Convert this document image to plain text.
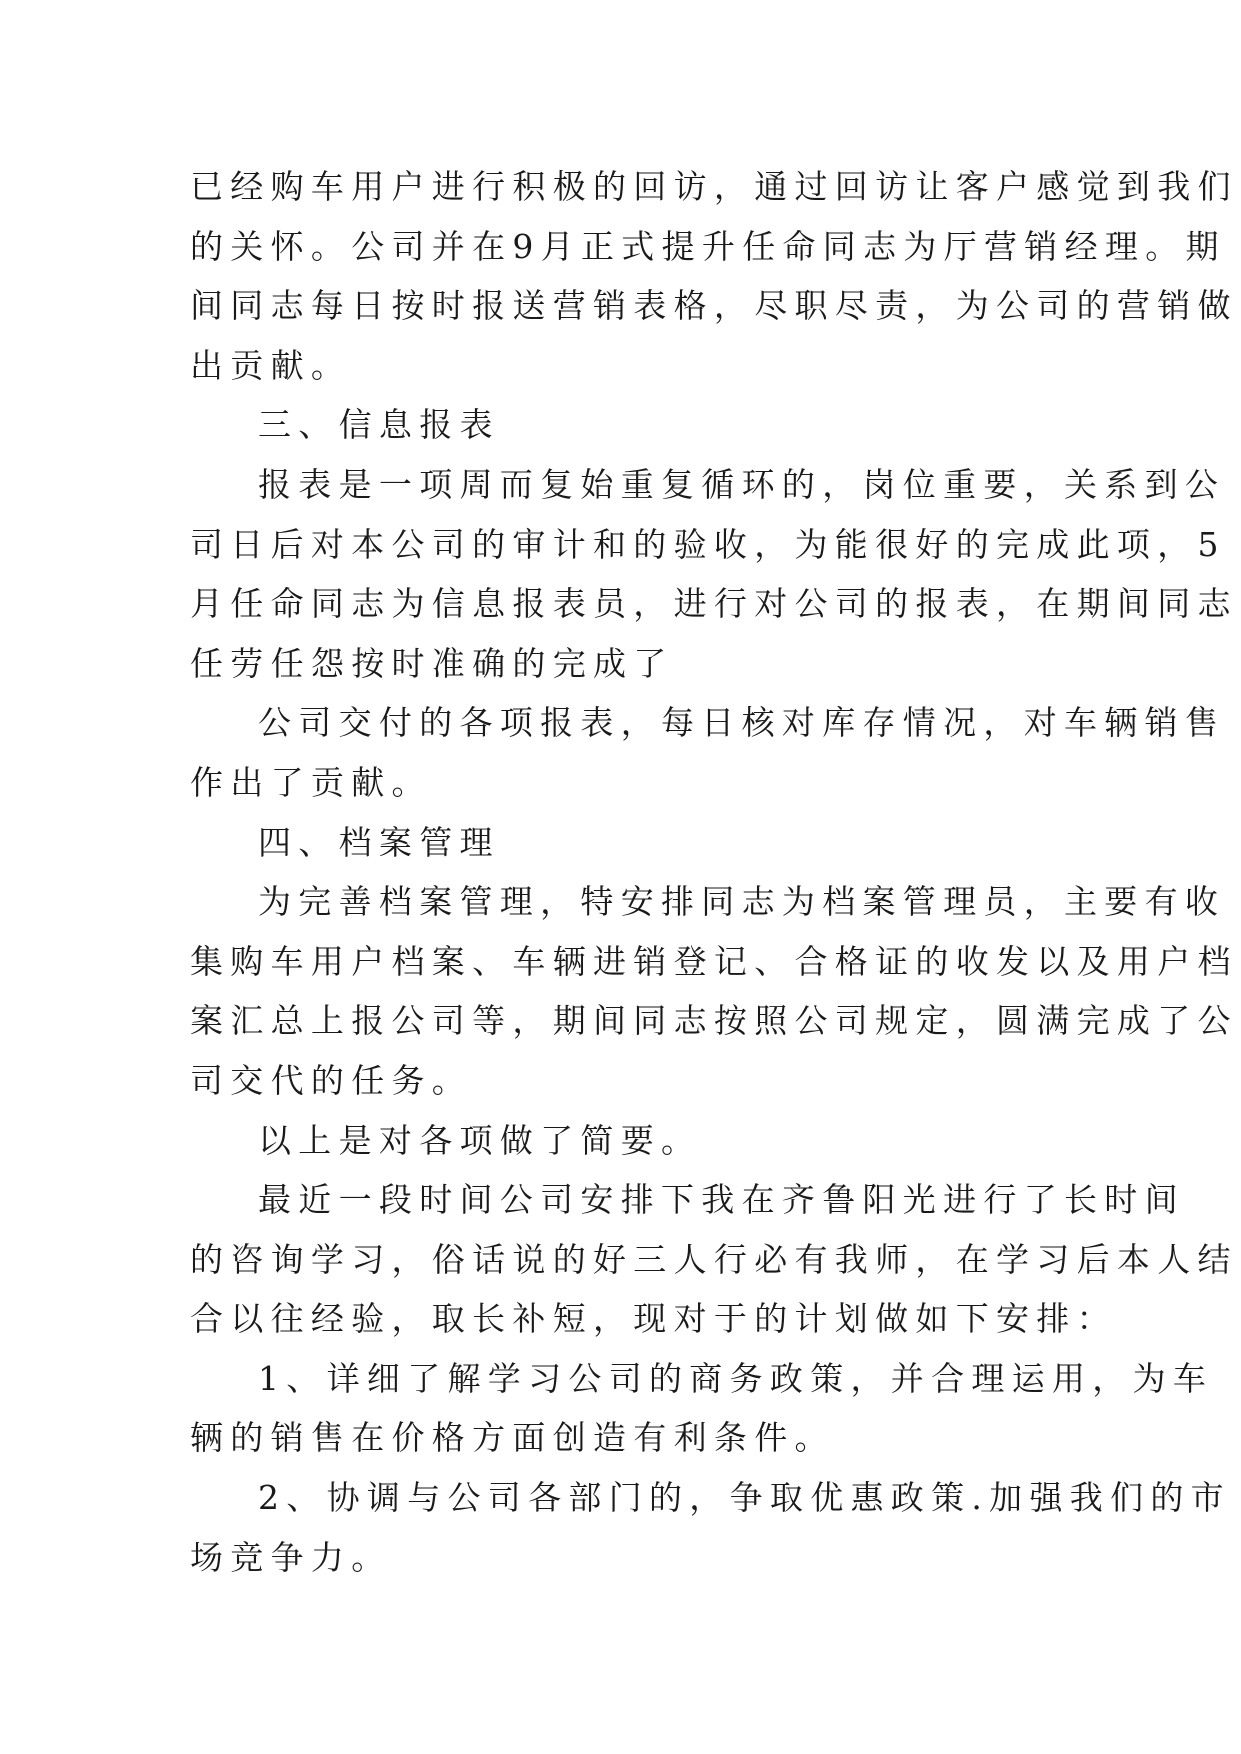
已经购车用户进行积极的回访，通过回访让客户感觉到我们
的关怀。公司并在9月正式提升任命同志为厅营销经理。期
间同志每日按时报送营销表格，尽职尽责，为公司的营销做
出贡献。
三、信息报表
报表是一项周而复始重复循环的，岗位重要，关系到公
司日后对本公司的审计和的验收，为能很好的完成此项，5
月任命同志为信息报表员，进行对公司的报表，在期间同志
任劳任怨按时准确的完成了
公司交付的各项报表，每日核对库存情况，对车辆销售
作出了贡献。
四、档案管理
为完善档案管理，特安排同志为档案管理员，主要有收
集购车用户档案、车辆进销登记、合格证的收发以及用户档
案汇总上报公司等，期间同志按照公司规定，圆满完成了公
司交代的任务。
以上是对各项做了简要。
最近一段时间公司安排下我在齐鲁阳光进行了长时间
的咨询学习，俗话说的好三人行必有我师，在学习后本人结
合以往经验，取长补短，现对于的计划做如下安排：
1、详细了解学习公司的商务政策，并合理运用，为车
辆的销售在价格方面创造有利条件。
2、协调与公司各部门的，争取优惠政策.加强我们的市
场竞争力。
